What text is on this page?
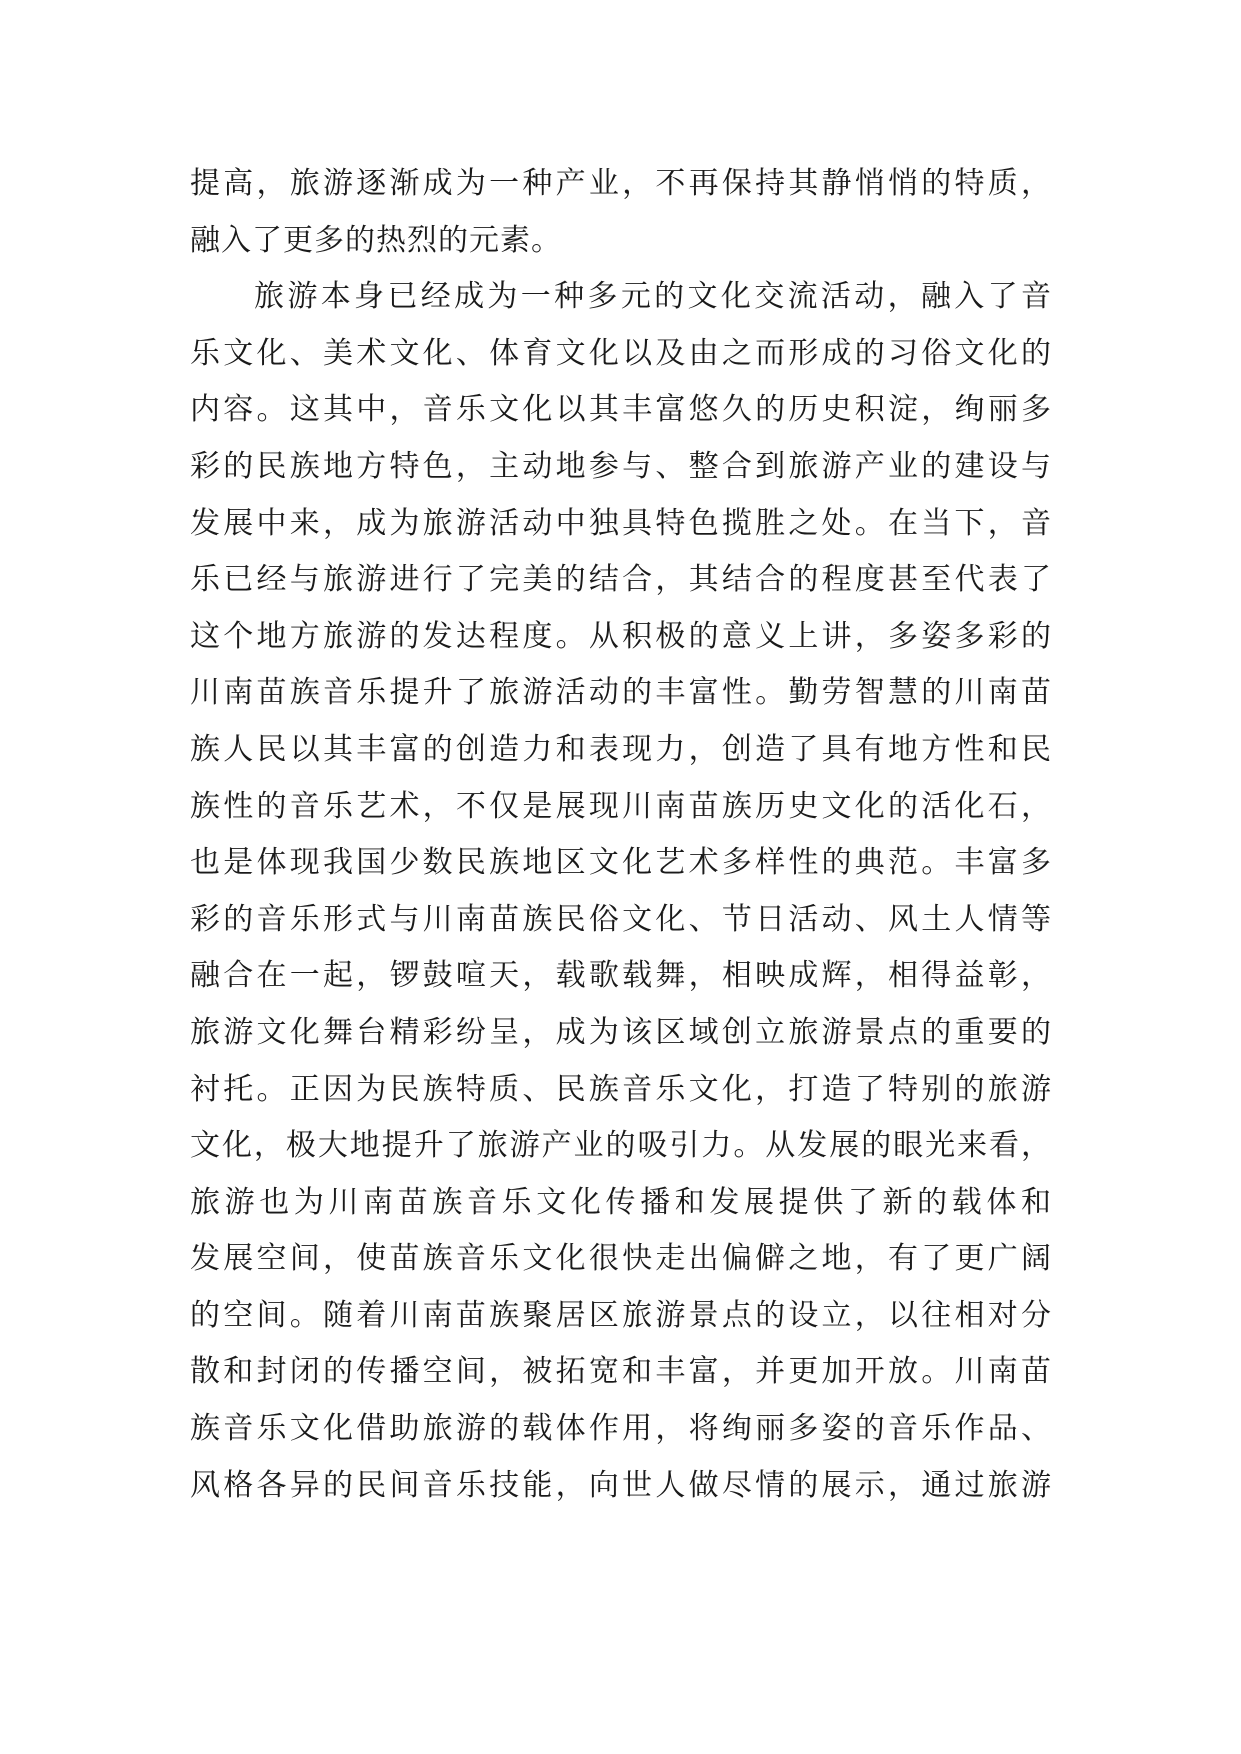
提高，旅游逐渐成为一种产业，不再保持其静悄悄的特质，
融入了更多的热烈的元素。
旅游本身已经成为一种多元的文化交流活动，融入了音
乐文化、美术文化、体育文化以及由之而形成的习俗文化的
内容。这其中，音乐文化以其丰富悠久的历史积淀，绚丽多
彩的民族地方特色，主动地参与、整合到旅游产业的建设与
发展中来，成为旅游活动中独具特色揽胜之处。在当下，音
乐已经与旅游进行了完美的结合，其结合的程度甚至代表了
这个地方旅游的发达程度。从积极的意义上讲，多姿多彩的
川南苗族音乐提升了旅游活动的丰富性。勤劳智慧的川南苗
族人民以其丰富的创造力和表现力，创造了具有地方性和民
族性的音乐艺术，不仅是展现川南苗族历史文化的活化石，
也是体现我国少数民族地区文化艺术多样性的典范。丰富多
彩的音乐形式与川南苗族民俗文化、节日活动、风土人情等
融合在一起，锣鼓喧天，载歌载舞，相映成辉，相得益彰，
旅游文化舞台精彩纷呈，成为该区域创立旅游景点的重要的
衬托。正因为民族特质、民族音乐文化，打造了特别的旅游
文化，极大地提升了旅游产业的吸引力。从发展的眼光来看，
旅游也为川南苗族音乐文化传播和发展提供了新的载体和
发展空间，使苗族音乐文化很快走出偏僻之地，有了更广阔
的空间。随着川南苗族聚居区旅游景点的设立，以往相对分
散和封闭的传播空间，被拓宽和丰富，并更加开放。川南苗
族音乐文化借助旅游的载体作用，将绚丽多姿的音乐作品、
风格各异的民间音乐技能，向世人做尽情的展示，通过旅游
